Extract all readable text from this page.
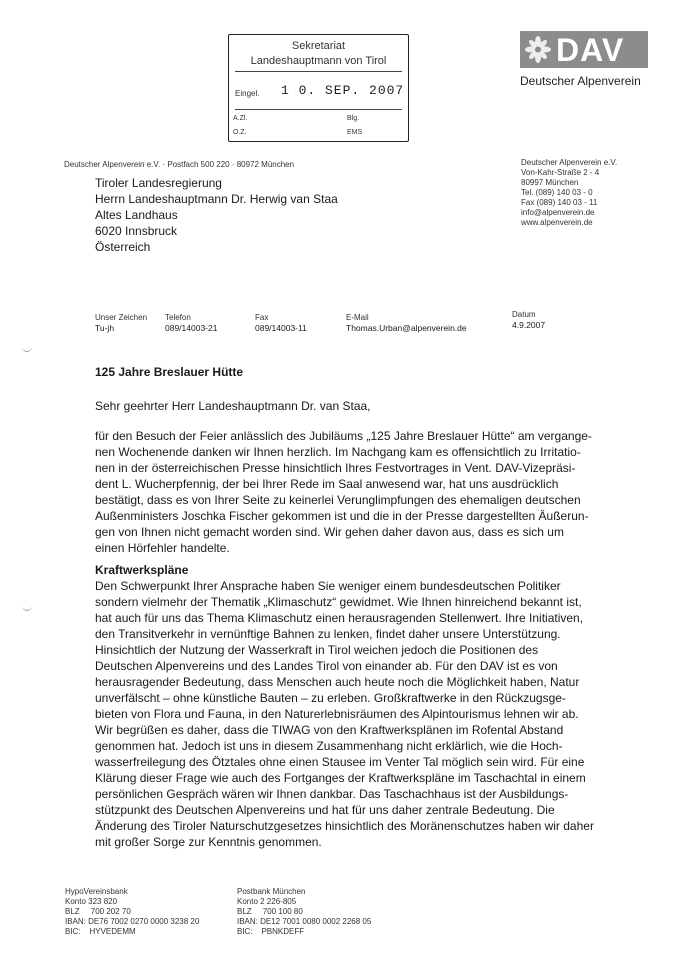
Sekretariat
Landeshauptmann von Tirol
Eingel. 1 0. SEP. 2007
A.Zl.
O.Z.
Blg.
EMS
DAV
Deutscher Alpenverein
Deutscher Alpenverein e.V. · Postfach 500 220 · 80972 München	Deutscher Alpenverein e.V.
Von-Kahr-Straße 2 - 4
80997 München
Tel. (089) 140 03 - 0
Fax (089) 140 03 - 11
info@alpenverein.de
www.alpenverein.de
Tiroler Landesregierung
Herrn Landeshauptmann Dr. Herwig van Staa
Altes Landhaus
6020 Innsbruck
Österreich
Unser Zeichen
Tu-jh
Telefon
089/14003-21
Fax
089/14003-11
E-Mail
Thomas.Urban@alpenverein.de
Datum
4.9.2007
125 Jahre Breslauer Hütte
Sehr geehrter Herr Landeshauptmann Dr. van Staa,
für den Besuch der Feier anlässlich des Jubiläums „125 Jahre Breslauer Hütte“ am vergange-
nen Wochenende danken wir Ihnen herzlich. Im Nachgang kam es offensichtlich zu Irritatio-
nen in der österreichischen Presse hinsichtlich Ihres Festvortrages in Vent. DAV-Vizepräsi-
dent L. Wucherpfennig, der bei Ihrer Rede im Saal anwesend war, hat uns ausdrücklich
bestätigt, dass es von Ihrer Seite zu keinerlei Verunglimpfungen des ehemaligen deutschen
Außenministers Joschka Fischer gekommen ist und die in der Presse dargestellten Äußerun-
gen von Ihnen nicht gemacht worden sind. Wir gehen daher davon aus, dass es sich um
einen Hörfehler handelte.
Kraftwerkspläne
Den Schwerpunkt Ihrer Ansprache haben Sie weniger einem bundesdeutschen Politiker
sondern vielmehr der Thematik „Klimaschutz“ gewidmet. Wie Ihnen hinreichend bekannt ist,
hat auch für uns das Thema Klimaschutz einen herausragenden Stellenwert. Ihre Initiativen,
den Transitverkehr in vernünftige Bahnen zu lenken, findet daher unsere Unterstützung.
Hinsichtlich der Nutzung der Wasserkraft in Tirol weichen jedoch die Positionen des
Deutschen Alpenvereins und des Landes Tirol von einander ab. Für den DAV ist es von
herausragender Bedeutung, dass Menschen auch heute noch die Möglichkeit haben, Natur
unverfälscht – ohne künstliche Bauten – zu erleben. Großkraftwerke in den Rückzugsge-
bieten von Flora und Fauna, in den Naturerlebnisräumen des Alpintourismus lehnen wir ab.
Wir begrüßen es daher, dass die TIWAG von den Kraftwerksplänen im Rofental Abstand
genommen hat. Jedoch ist uns in diesem Zusammenhang nicht erklärlich, wie die Hoch-
wasserfreilegung des Ötztales ohne einen Stausee im Venter Tal möglich sein wird. Für eine
Klärung dieser Frage wie auch des Fortganges der Kraftwerkspläne im Taschachtal in einem
persönlichen Gespräch wären wir Ihnen dankbar. Das Taschachhaus ist der Ausbildungs-
stützpunkt des Deutschen Alpenvereins und hat für uns daher zentrale Bedeutung. Die
Änderung des Tiroler Naturschutzgesetzes hinsichtlich des Moränenschutzes haben wir daher
mit großer Sorge zur Kenntnis genommen.
HypoVereinsbank
Konto 323 820
BLZ     700 202 70
IBAN: DE76 7002 0270 0000 3238 20
BIC:    HYVEDEMM
Postbank München
Konto 2 226-805
BLZ     700 100 80
IBAN: DE12 7001 0080 0002 2268 05
BIC:    PBNKDEFF
